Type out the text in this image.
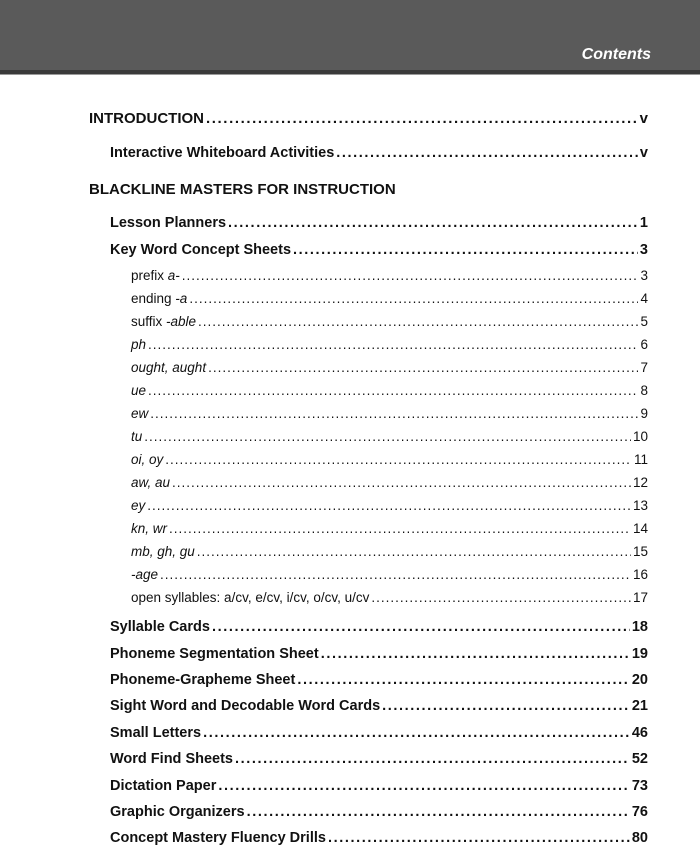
Contents
INTRODUCTION .....	v
Interactive Whiteboard Activities .....	v
BLACKLINE MASTERS FOR INSTRUCTION
Lesson Planners .....	1
Key Word Concept Sheets .....	3
prefix a- .....	3
ending -a .....	4
suffix -able .....	5
ph .....	6
ought, aught .....	7
ue .....	8
ew .....	9
tu .....	10
oi, oy .....	11
aw, au .....	12
ey .....	13
kn, wr .....	14
mb, gh, gu .....	15
-age .....	16
open syllables: a/cv, e/cv, i/cv, o/cv, u/cv .....	17
Syllable Cards .....	18
Phoneme Segmentation Sheet .....	19
Phoneme-Grapheme Sheet .....	20
Sight Word and Decodable Word Cards .....	21
Small Letters .....	46
Word Find Sheets .....	52
Dictation Paper .....	73
Graphic Organizers .....	76
Concept Mastery Fluency Drills .....	80
